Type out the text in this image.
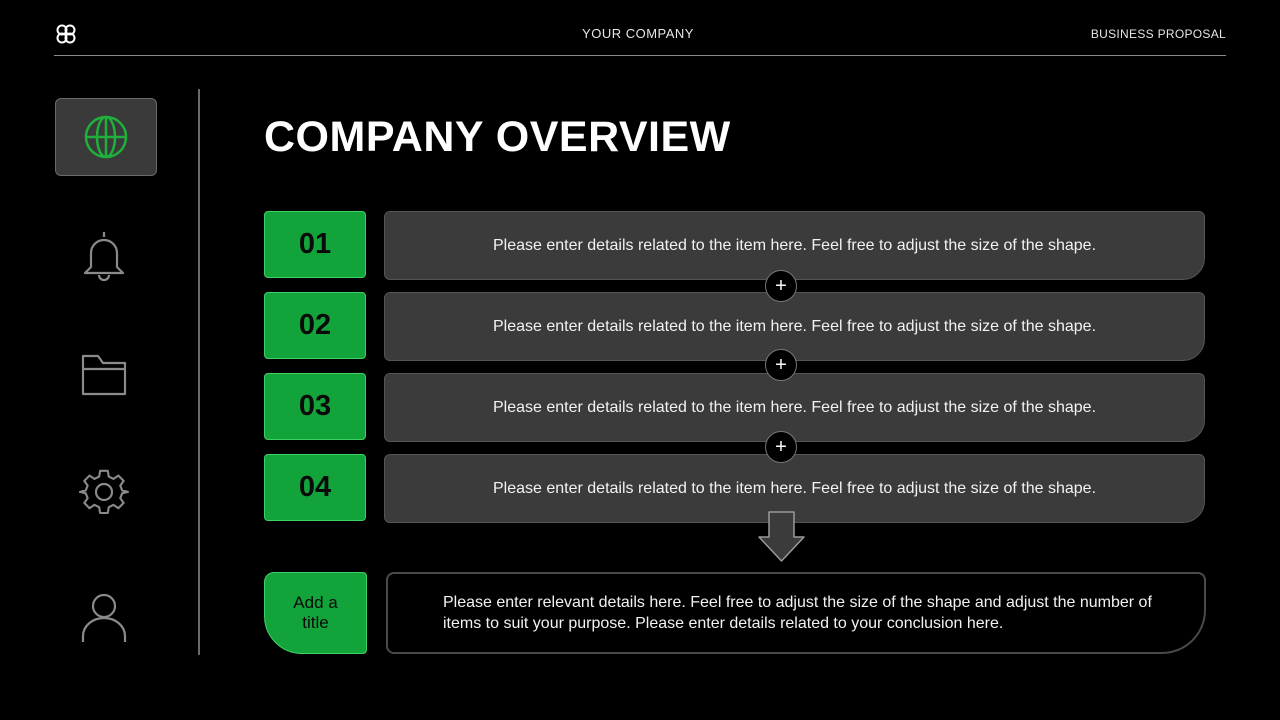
YOUR COMPANY	BUSINESS PROPOSAL
COMPANY OVERVIEW
01	Please enter details related to the item here. Feel free to adjust the size of the shape.
02	Please enter details related to the item here. Feel free to adjust the size of the shape.
03	Please enter details related to the item here. Feel free to adjust the size of the shape.
04	Please enter details related to the item here. Feel free to adjust the size of the shape.
+
+
+
Add a title
Please enter relevant details here. Feel free to adjust the size of the shape and adjust the number of items to suit your purpose. Please enter details related to your conclusion here.
